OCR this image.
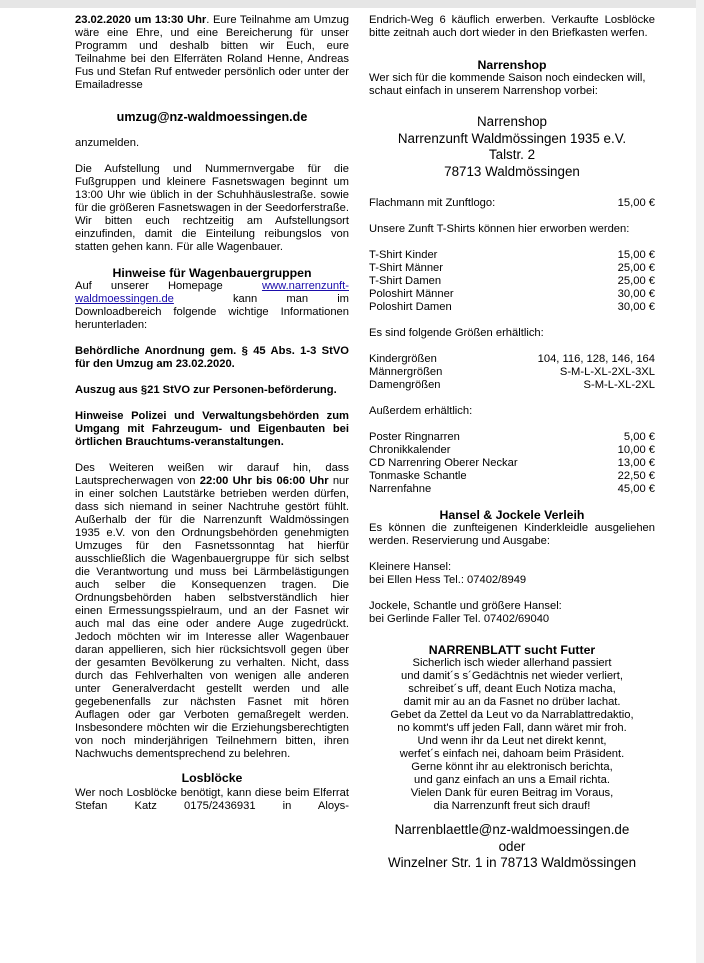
23.02.2020 um 13:30 Uhr. Eure Teilnahme am Umzug wäre eine Ehre, und eine Bereicherung für unser Programm und deshalb bitten wir Euch, eure Teilnahme bei den Elferräten Roland Henne, Andreas Fus und Stefan Ruf entweder persönlich oder unter der Emailadresse

umzug@nz-waldmoessingen.de

anzumelden.

Die Aufstellung und Nummernvergabe für die Fußgruppen und kleinere Fasnetswagen beginnt um 13:00 Uhr wie üblich in der Schuhhäuslestraße. sowie für die größeren Fasnetswagen in der Seedorferstraße. Wir bitten euch rechtzeitig am Aufstellungsort einzufinden, damit die Einteilung reibungslos von statten gehen kann. Für alle Wagenbauer.

Hinweise für Wagenbauergruppen

Auf unserer Homepage	www.narrenzunft-
waldmoessingen.de	kann man im

Downloadbereich folgende wichtige Informationen herunterladen:

Behördliche Anordnung gem. § 45 Abs. 1-3 StVO für den Umzug am 23.02.2020.

Auszug aus §21 StVO zur Personen-beförderung.

Hinweise Polizei und Verwaltungsbehörden zum Umgang mit Fahrzeugum- und Eigenbauten bei örtlichen Brauchtums-veranstaltungen.

Des Weiteren weißen wir darauf hin, dass Lautsprecherwagen von 22:00 Uhr bis 06:00 Uhr nur in einer solchen Lautstärke betrieben werden dürfen, dass sich niemand in seiner Nachtruhe gestört fühlt. Außerhalb der für die Narrenzunft Waldmössingen 1935 e.V. von den Ordnungsbehörden genehmigten Umzuges für den Fasnetssonntag hat hierfür ausschließlich die Wagenbauergruppe für sich selbst die Verantwortung und muss bei Lärmbelästigungen auch selber die Konsequenzen tragen. Die Ordnungsbehörden haben selbstverständlich hier einen Ermessungsspielraum, und an der Fasnet wir auch mal das eine oder andere Auge zugedrückt. Jedoch möchten wir im Interesse aller Wagenbauer daran appellieren, sich hier rücksichtsvoll gegen über der gesamten Bevölkerung zu verhalten. Nicht, dass durch das Fehlverhalten von wenigen alle anderen unter Generalverdacht gestellt werden und alle gegebenenfalls zur nächsten Fasnet mit hören Auflagen oder gar Verboten gemaßregelt werden. Insbesondere möchten wir die Erziehungsberechtigten von noch minderjährigen Teilnehmern bitten, ihren Nachwuchs dementsprechend zu belehren.

Losblöcke

Wer noch Losblöcke benötigt, kann diese beim Elferrat Stefan Katz 0175/2436931 in Aloys-

Endrich-Weg 6 käuflich erwerben. Verkaufte Losblöcke bitte zeitnah auch dort wieder in den Briefkasten werfen.

Narrenshop

Wer sich für die kommende Saison noch eindecken will, schaut einfach in unserem Narrenshop vorbei:

Narrenshop

Narrenzunft Waldmössingen 1935 e.V.

Talstr. 2

78713 Waldmössingen

Flachmann mit Zunftlogo:	15,00 €

Unsere Zunft T-Shirts können hier erworben werden:

T-Shirt Kinder	15,00 €
T-Shirt Männer	25,00 €
T-Shirt Damen	25,00 €
Poloshirt Männer	30,00 €
Poloshirt Damen	30,00 €

Es sind folgende Größen erhältlich:

Kindergrößen	104, 116, 128, 146, 164
Männergrößen	S-M-L-XL-2XL-3XL
Damengrößen	S-M-L-XL-2XL

Außerdem erhältlich:

Poster Ringnarren	5,00 €
Chronikkalender	10,00 €
CD Narrenring Oberer Neckar	13,00 €
Tonmaske Schantle	22,50 €
Narrenfahne	45,00 €

Hansel & Jockele Verleih

Es können die zunfteigenen Kinderkleidle ausgeliehen werden. Reservierung und Ausgabe:

Kleinere Hansel:

bei Ellen Hess Tel.: 07402/8949

Jockele, Schantle und größere Hansel:

bei Gerlinde Faller Tel. 07402/69040

NARRENBLATT sucht Futter

Sicherlich isch wieder allerhand passiert

und damit´s s´Gedächtnis net wieder verliert,

schreibet´s uff, deant Euch Notiza macha,

damit mir au an da Fasnet no drüber lachat.

Gebet da Zettel da Leut vo da Narrablattredaktio,

no kommt's uff jeden Fall, dann wäret mir froh.

Und wenn ihr da Leut net direkt kennt,

werfet´s einfach nei, dahoam beim Präsident.

Gerne könnt ihr au elektronisch berichta,

und ganz einfach an uns a Email richta.

Vielen Dank für euren Beitrag im Voraus,

dia Narrenzunft freut sich drauf!

Narrenblaettle@nz-waldmoessingen.de

oder

Winzelner Str. 1 in 78713 Waldmössingen
